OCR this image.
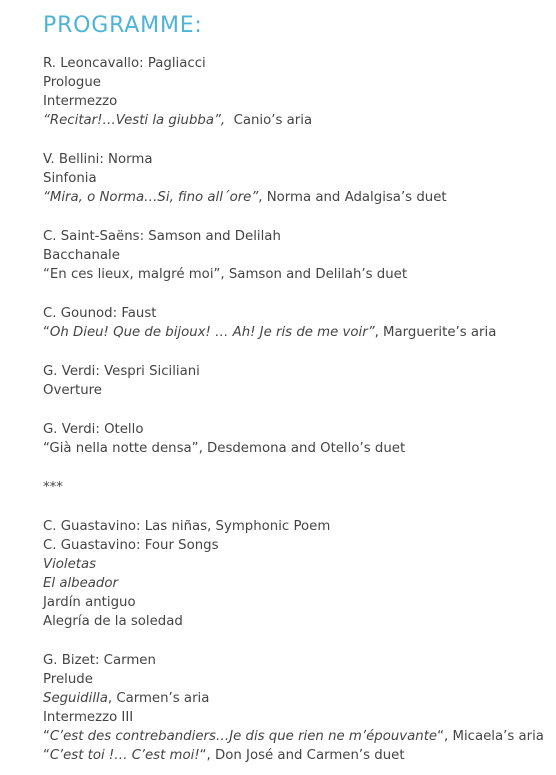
PROGRAMME:
R. Leoncavallo: Pagliacci
Prologue
Intermezzo
“Recitar!…Vesti la giubba”,  Canio’s aria
V. Bellini: Norma
Sinfonia
“Mira, o Norma…Si, fino all´ore”, Norma and Adalgisa’s duet
C. Saint-Saëns: Samson and Delilah
Bacchanale
“En ces lieux, malgré moi”, Samson and Delilah’s duet
C. Gounod: Faust
“Oh Dieu! Que de bijoux! … Ah! Je ris de me voir”, Marguerite’s aria
G. Verdi: Vespri Siciliani
Overture
G. Verdi: Otello
“Già nella notte densa”, Desdemona and Otello’s duet
***
C. Guastavino: Las niñas, Symphonic Poem
C. Guastavino: Four Songs
Violetas
El albeador
Jardín antiguo
Alegría de la soledad
G. Bizet: Carmen
Prelude
Seguidilla, Carmen’s aria
Intermezzo III
“C’est des contrebandiers…Je dis que rien ne m’épouvante“, Micaela’s aria
“C’est toi !… C’est moi!“, Don José and Carmen’s duet
